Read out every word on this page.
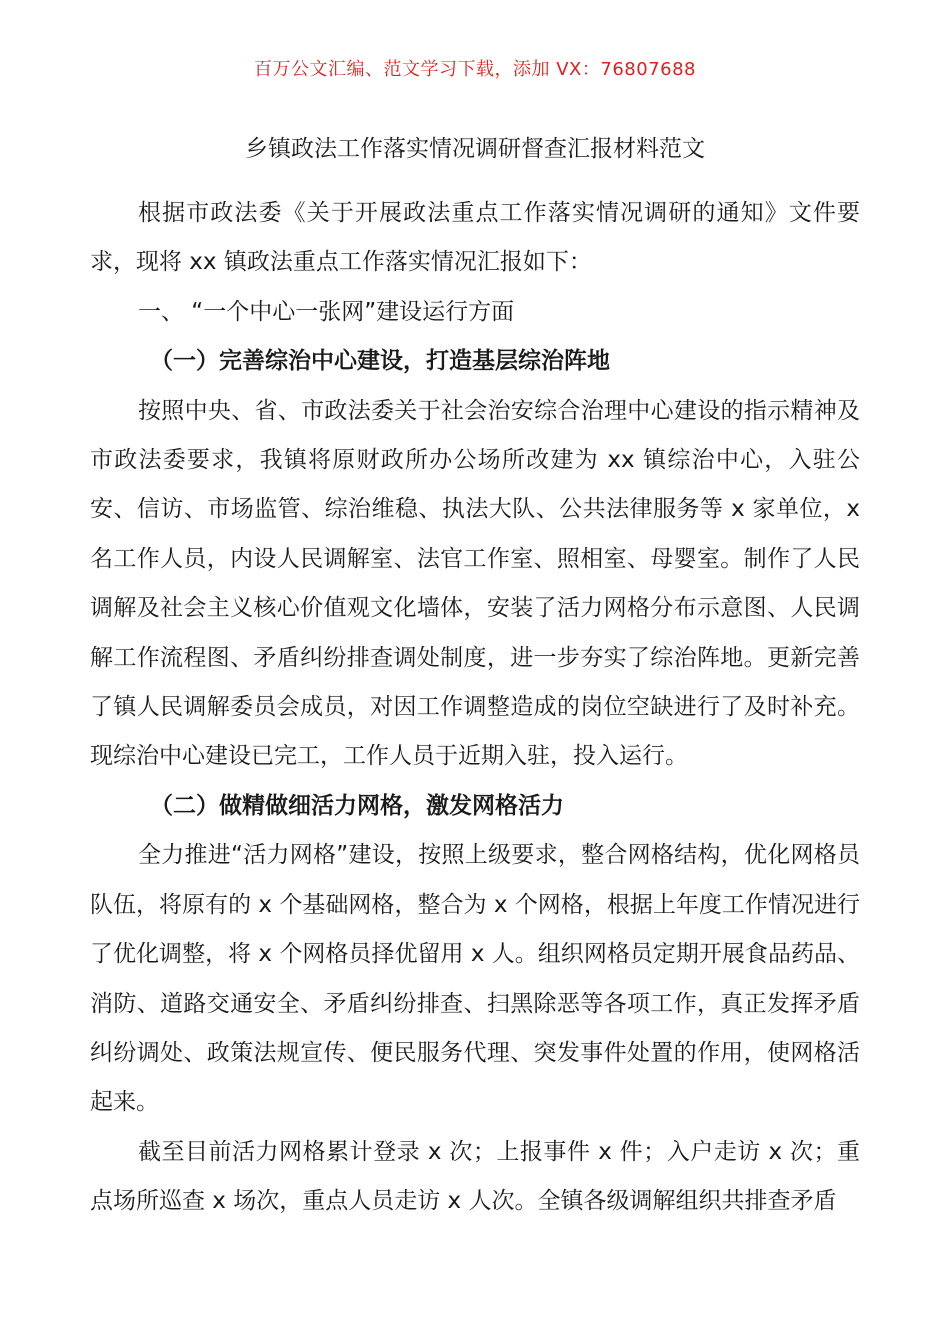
百万公文汇编、范文学习下载，添加 VX：76807688
乡镇政法工作落实情况调研督查汇报材料范文

根据市政法委《关于开展政法重点工作落实情况调研的通知》文件要求，现将 xx 镇政法重点工作落实情况汇报如下：

一、 “一个中心一张网”建设运行方面

（一）完善综治中心建设，打造基层综治阵地

按照中央、省、市政法委关于社会治安综合治理中心建设的指示精神及市政法委要求，我镇将原财政所办公场所改建为 xx 镇综治中心，入驻公安、信访、市场监管、综治维稳、执法大队、公共法律服务等 x 家单位，x 名工作人员，内设人民调解室、法官工作室、照相室、母婴室。制作了人民调解及社会主义核心价值观文化墙体，安装了活力网格分布示意图、人民调解工作流程图、矛盾纠纷排查调处制度，进一步夯实了综治阵地。更新完善了镇人民调解委员会成员，对因工作调整造成的岗位空缺进行了及时补充。现综治中心建设已完工，工作人员于近期入驻，投入运行。

（二）做精做细活力网格，激发网格活力

全力推进“活力网格”建设，按照上级要求，整合网格结构，优化网格员队伍，将原有的 x 个基础网格，整合为 x 个网格，根据上年度工作情况进行了优化调整，将 x 个网格员择优留用 x 人。组织网格员定期开展食品药品、消防、道路交通安全、矛盾纠纷排查、扫黑除恶等各项工作，真正发挥矛盾纠纷调处、政策法规宣传、便民服务代理、突发事件处置的作用，使网格活起来。

截至目前活力网格累计登录 x 次；上报事件 x 件；入户走访 x 次；重点场所巡查 x 场次，重点人员走访 x 人次。全镇各级调解组织共排查矛盾
